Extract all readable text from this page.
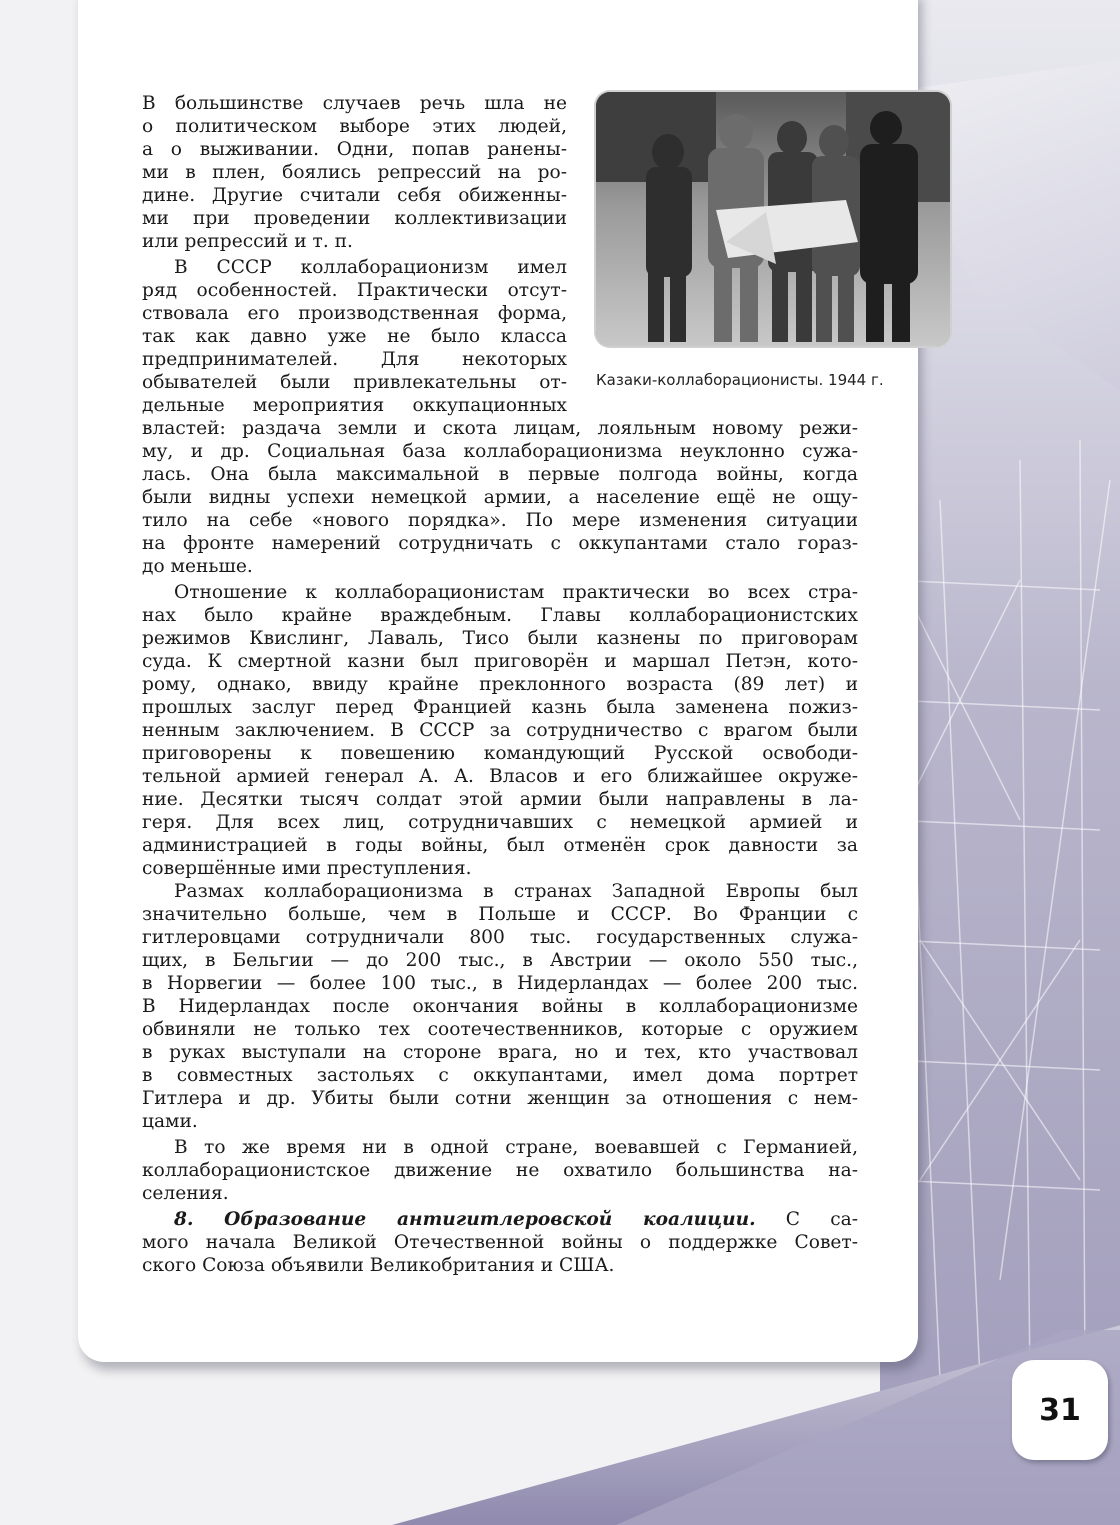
Казаки-коллаборационисты. 1944 г.

В большинстве случаев речь шла не

о политическом выборе этих людей,

а о выживании. Одни, попав ранены-

ми в плен, боялись репрессий на ро-

дине. Другие считали себя обиженны-

ми при проведении коллективизации

или репрессий и т. п.

В СССР коллаборационизм имел

ряд особенностей. Практически отсут-

ствовала его производственная форма,

так как давно уже не было класса

предпринимателей. Для некоторых

обывателей были привлекательны от-

дельные мероприятия оккупационных

властей: раздача земли и скота лицам, лояльным новому режи-

му, и др. Социальная база коллаборационизма неуклонно сужа-

лась. Она была максимальной в первые полгода войны, когда

были видны успехи немецкой армии, а население ещё не ощу-

тило на себе «нового порядка». По мере изменения ситуации

на фронте намерений сотрудничать с оккупантами стало гораз-

до меньше.

Отношение к коллаборационистам практически во всех стра-

нах было крайне враждебным. Главы коллаборационистских

режимов Квислинг, Лаваль, Тисо были казнены по приговорам

суда. К смертной казни был приговорён и маршал Петэн, кото-

рому, однако, ввиду крайне преклонного возраста (89 лет) и

прошлых заслуг перед Францией казнь была заменена пожиз-

ненным заключением. В СССР за сотрудничество с врагом были

приговорены к повешению командующий Русской освободи-

тельной армией генерал А. А. Власов и его ближайшее окруже-

ние. Десятки тысяч солдат этой армии были направлены в ла-

геря. Для всех лиц, сотрудничавших с немецкой армией и

администрацией в годы войны, был отменён срок давности за

совершённые ими преступления.

Размах коллаборационизма в странах Западной Европы был

значительно больше, чем в Польше и СССР. Во Франции с

гитлеровцами сотрудничали 800 тыс. государственных служа-

щих, в Бельгии — до 200 тыс., в Австрии — около 550 тыс.,

в Норвегии — более 100 тыс., в Нидерландах — более 200 тыс.

В Нидерландах после окончания войны в коллаборационизме

обвиняли не только тех соотечественников, которые с оружием

в руках выступали на стороне врага, но и тех, кто участвовал

в совместных застольях с оккупантами, имел дома портрет

Гитлера и др. Убиты были сотни женщин за отношения с нем-

цами.

В то же время ни в одной стране, воевавшей с Германией,

коллаборационистское движение не охватило большинства на-

селения.

8. Образование антигитлеровской коалиции. С са-

мого начала Великой Отечественной войны о поддержке Совет-

ского Союза объявили Великобритания и США.

31
